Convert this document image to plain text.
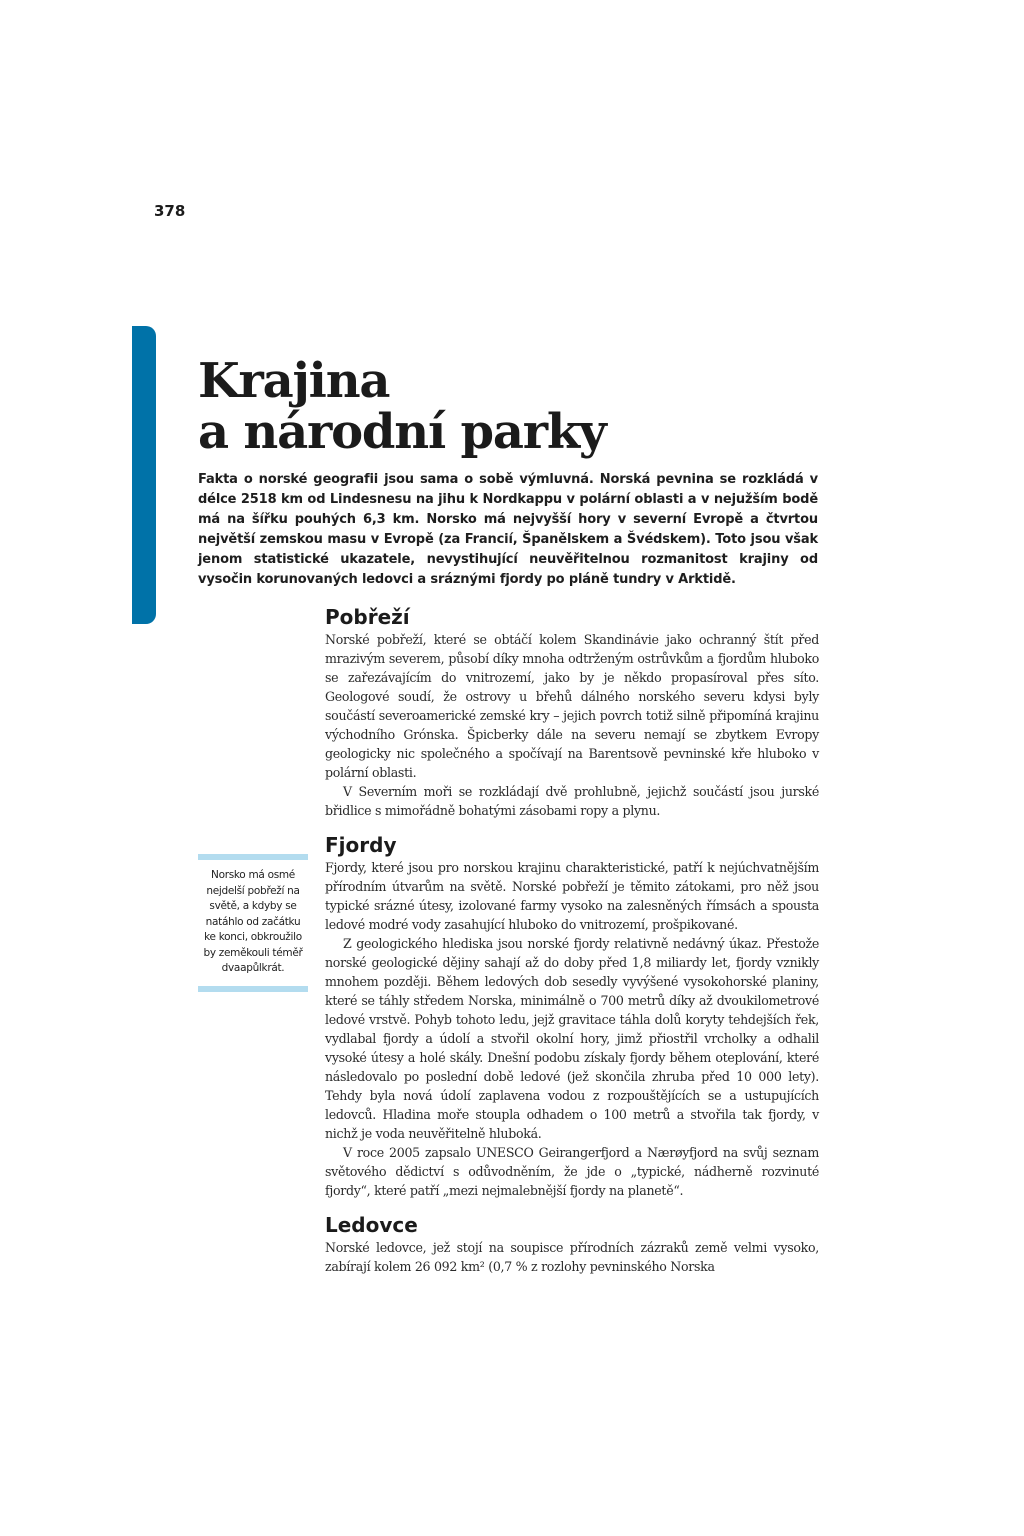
378
Krajina
a národní parky

Fakta o norské geografii jsou sama o sobě výmluvná. Norská pevnina se rozkládá v délce 2518 km od Lindesnesu na jihu k Nordkappu v polární oblasti a v nejužším bodě má na šířku pouhých 6,3 km. Norsko má nejvyšší hory v severní Evropě a čtvrtou největší zemskou masu v Evropě (za Francií, Španělskem a Švédskem). Toto jsou však jenom statistické ukazatele, nevystihující neuvěřitelnou rozmanitost krajiny od vysočin korunovaných ledovci a sráznými fjordy po pláně tundry v Arktidě.

Pobřeží

Norské pobřeží, které se obtáčí kolem Skandinávie jako ochranný štít před mrazivým severem, působí díky mnoha odtrženým ostrůvkům a fjordům hluboko se zařezávajícím do vnitrozemí, jako by je někdo propasíroval přes síto. Geologové soudí, že ostrovy u břehů dálného norského severu kdysi byly součástí severoamerické zemské kry – jejich povrch totiž silně připomíná krajinu východního Grónska. Špicberky dále na severu nemají se zbytkem Evropy geologicky nic společného a spočívají na Barentsově pevninské kře hluboko v polární oblasti.

V Severním moři se rozkládají dvě prohlubně, jejichž součástí jsou jurské břidlice s mimořádně bohatými zásobami ropy a plynu.

Fjordy

Fjordy, které jsou pro norskou krajinu charakteristické, patří k nejúchvatnějším přírodním útvarům na světě. Norské pobřeží je těmito zátokami, pro něž jsou typické srázné útesy, izolované farmy vysoko na zalesněných římsách a spousta ledové modré vody zasahující hluboko do vnitrozemí, prošpikované.

Z geologického hlediska jsou norské fjordy relativně nedávný úkaz. Přestože norské geologické dějiny sahají až do doby před 1,8 miliardy let, fjordy vznikly mnohem později. Během ledových dob sesedly vyvýšené vysokohorské planiny, které se táhly středem Norska, minimálně o 700 metrů díky až dvoukilometrové ledové vrstvě. Pohyb tohoto ledu, jejž gravitace táhla dolů koryty tehdejších řek, vydlabal fjordy a údolí a stvořil okolní hory, jimž přiostřil vrcholky a odhalil vysoké útesy a holé skály. Dnešní podobu získaly fjordy během oteplování, které následovalo po poslední době ledové (jež skončila zhruba před 10 000 lety). Tehdy byla nová údolí zaplavena vodou z rozpouštějících se a ustupujících ledovců. Hladina moře stoupla odhadem o 100 metrů a stvořila tak fjordy, v nichž je voda neuvěřitelně hluboká.

V roce 2005 zapsalo UNESCO Geirangerfjord a Nærøyfjord na svůj seznam světového dědictví s odůvodněním, že jde o „typické, nádherně rozvinuté fjordy“, které patří „mezi nejmalebnější fjordy na planetě“.

Ledovce

Norské ledovce, jež stojí na soupisce přírodních zázraků země velmi vysoko, zabírají kolem 26 092 km² (0,7 % z rozlohy pevninského Norska

Norsko má osmé nejdelší pobřeží na světě, a kdyby se natáhlo od začátku ke konci, obkroužilo by zeměkouli téměř dvaapůlkrát.
